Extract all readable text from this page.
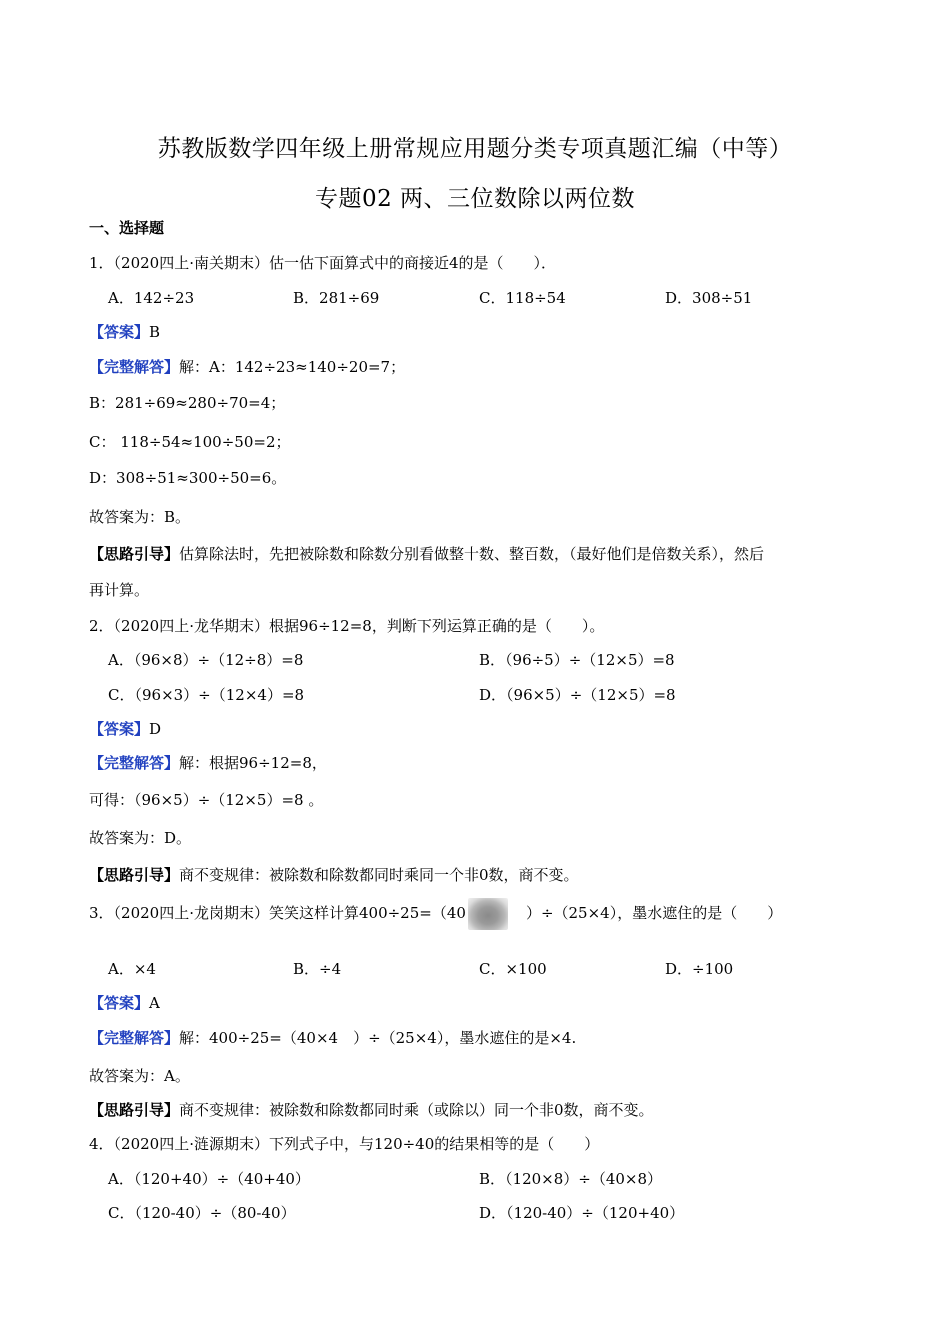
苏教版数学四年级上册常规应用题分类专项真题汇编（中等）
专题02 两、三位数除以两位数
一、选择题
1．（2020四上·南关期末）估一估下面算式中的商接近4的是（　　）．
A．142÷23	B．281÷69	C．118÷54	D．308÷51
【答案】B
【完整解答】解：A：142÷23≈140÷20=7；
B：281÷69≈280÷70=4；
C： 118÷54≈100÷50=2；
D：308÷51≈300÷50=6。
故答案为：B。
【思路引导】估算除法时，先把被除数和除数分别看做整十数、整百数，（最好他们是倍数关系），然后
再计算。
2．（2020四上·龙华期末）根据96÷12=8，判断下列运算正确的是（　　）。
A．（96×8）÷（12÷8）=8	B．（96÷5）÷（12×5）=8
C．（96×3）÷（12×4）=8	D．（96×5）÷（12×5）=8
【答案】D
【完整解答】解：根据96÷12=8，
可得：（96×5）÷（12×5）=8 。
故答案为：D。
【思路引导】商不变规律：被除数和除数都同时乘同一个非0数，商不变。
3．（2020四上·龙岗期末）笑笑这样计算400÷25=（40	）÷（25×4），墨水遮住的是（　　）
A．×4	B．÷4	C．×100	D．÷100
【答案】A
【完整解答】解：400÷25=（40×4　）÷（25×4），墨水遮住的是×4.
故答案为：A。
【思路引导】商不变规律：被除数和除数都同时乘（或除以）同一个非0数，商不变。
4．（2020四上·涟源期末）下列式子中，与120÷40的结果相等的是（　　）
A．（120+40）÷（40+40）	B．（120×8）÷（40×8）
C．（120-40）÷（80-40）	D．（120-40）÷（120+40）
